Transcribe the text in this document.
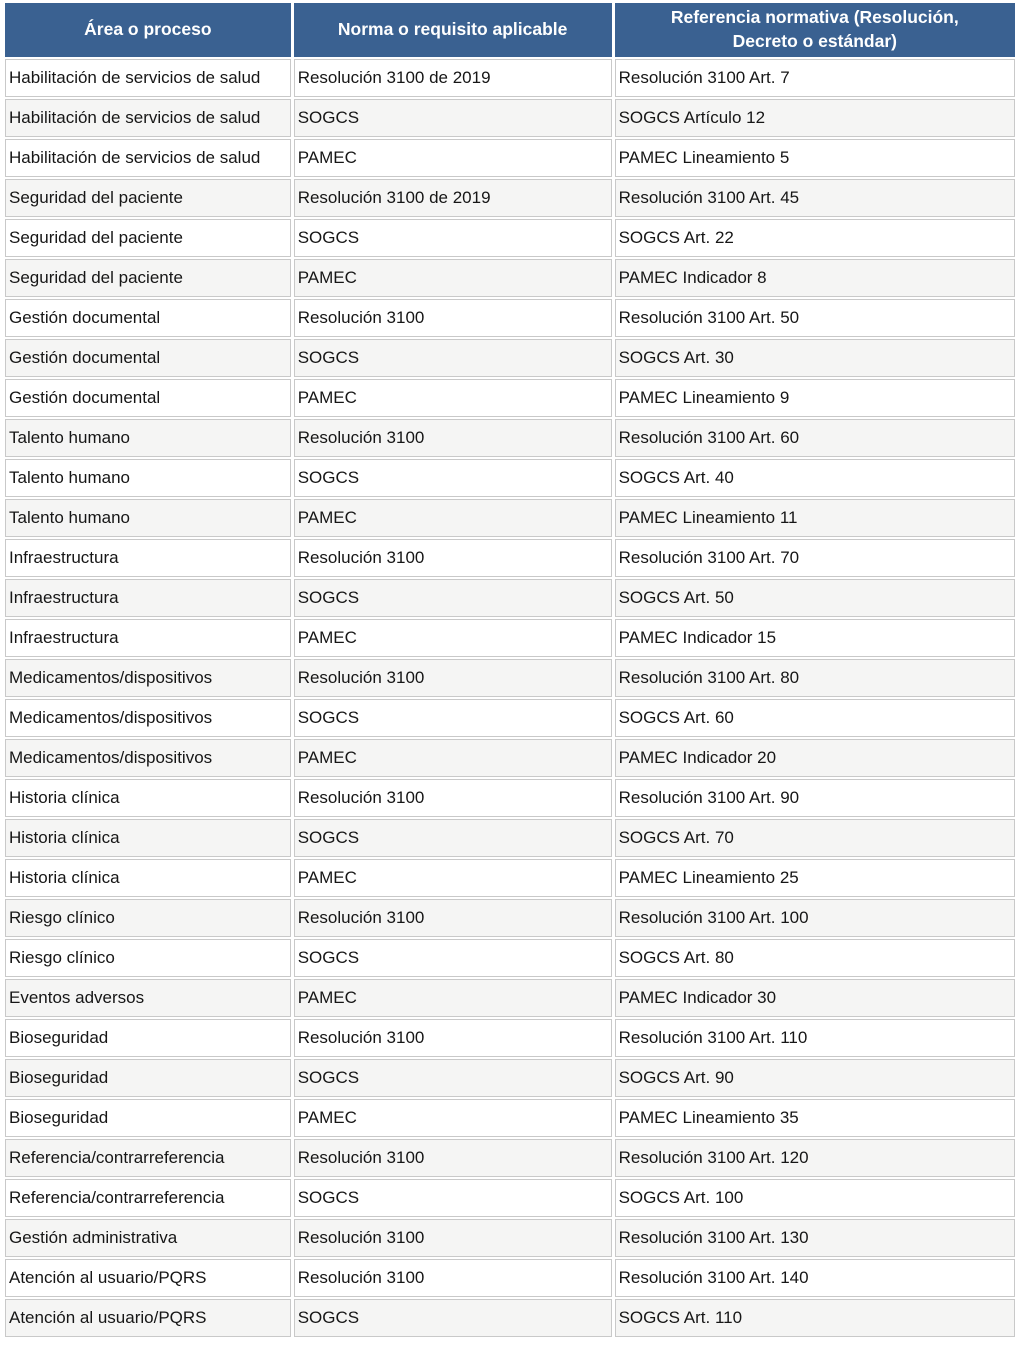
Área o proceso	Norma o requisito aplicable	Referencia normativa (Resolución,
Decreto o estándar)
Habilitación de servicios de salud	Resolución 3100 de 2019	Resolución 3100 Art. 7
Habilitación de servicios de salud	SOGCS	SOGCS Artículo 12
Habilitación de servicios de salud	PAMEC	PAMEC Lineamiento 5
Seguridad del paciente	Resolución 3100 de 2019	Resolución 3100 Art. 45
Seguridad del paciente	SOGCS	SOGCS Art. 22
Seguridad del paciente	PAMEC	PAMEC Indicador 8
Gestión documental	Resolución 3100	Resolución 3100 Art. 50
Gestión documental	SOGCS	SOGCS Art. 30
Gestión documental	PAMEC	PAMEC Lineamiento 9
Talento humano	Resolución 3100	Resolución 3100 Art. 60
Talento humano	SOGCS	SOGCS Art. 40
Talento humano	PAMEC	PAMEC Lineamiento 11
Infraestructura	Resolución 3100	Resolución 3100 Art. 70
Infraestructura	SOGCS	SOGCS Art. 50
Infraestructura	PAMEC	PAMEC Indicador 15
Medicamentos/dispositivos	Resolución 3100	Resolución 3100 Art. 80
Medicamentos/dispositivos	SOGCS	SOGCS Art. 60
Medicamentos/dispositivos	PAMEC	PAMEC Indicador 20
Historia clínica	Resolución 3100	Resolución 3100 Art. 90
Historia clínica	SOGCS	SOGCS Art. 70
Historia clínica	PAMEC	PAMEC Lineamiento 25
Riesgo clínico	Resolución 3100	Resolución 3100 Art. 100
Riesgo clínico	SOGCS	SOGCS Art. 80
Eventos adversos	PAMEC	PAMEC Indicador 30
Bioseguridad	Resolución 3100	Resolución 3100 Art. 110
Bioseguridad	SOGCS	SOGCS Art. 90
Bioseguridad	PAMEC	PAMEC Lineamiento 35
Referencia/contrarreferencia	Resolución 3100	Resolución 3100 Art. 120
Referencia/contrarreferencia	SOGCS	SOGCS Art. 100
Gestión administrativa	Resolución 3100	Resolución 3100 Art. 130
Atención al usuario/PQRS	Resolución 3100	Resolución 3100 Art. 140
Atención al usuario/PQRS	SOGCS	SOGCS Art. 110
